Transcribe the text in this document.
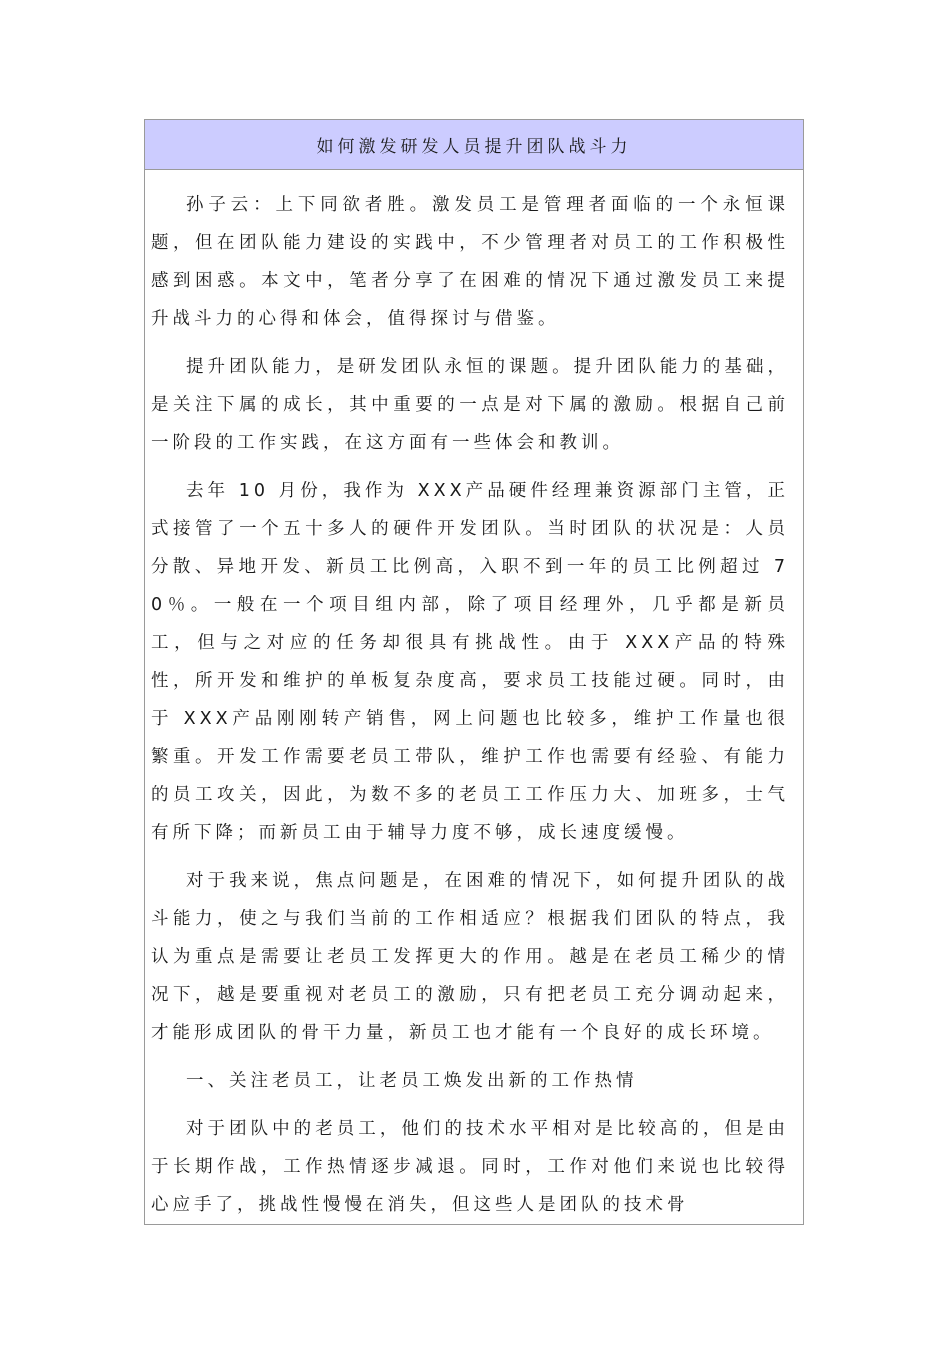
如何激发研发人员提升团队战斗力

孙子云：上下同欲者胜。激发员工是管理者面临的一个永恒课题，但在团队能力建设的实践中，不少管理者对员工的工作积极性感到困惑。本文中，笔者分享了在困难的情况下通过激发员工来提升战斗力的心得和体会，值得探讨与借鉴。

提升团队能力，是研发团队永恒的课题。提升团队能力的基础，是关注下属的成长，其中重要的一点是对下属的激励。根据自己前一阶段的工作实践，在这方面有一些体会和教训。

去年 10 月份，我作为 XXX产品硬件经理兼资源部门主管，正式接管了一个五十多人的硬件开发团队。当时团队的状况是：人员分散、异地开发、新员工比例高，入职不到一年的员工比例超过 70％。一般在一个项目组内部，除了项目经理外，几乎都是新员工，但与之对应的任务却很具有挑战性。由于 XXX产品的特殊性，所开发和维护的单板复杂度高，要求员工技能过硬。同时，由于 XXX产品刚刚转产销售，网上问题也比较多，维护工作量也很繁重。开发工作需要老员工带队，维护工作也需要有经验、有能力的员工攻关，因此，为数不多的老员工工作压力大、加班多，士气有所下降；而新员工由于辅导力度不够，成长速度缓慢。

对于我来说，焦点问题是，在困难的情况下，如何提升团队的战斗能力，使之与我们当前的工作相适应？根据我们团队的特点，我认为重点是需要让老员工发挥更大的作用。越是在老员工稀少的情况下，越是要重视对老员工的激励，只有把老员工充分调动起来，才能形成团队的骨干力量，新员工也才能有一个良好的成长环境。

一、关注老员工，让老员工焕发出新的工作热情

对于团队中的老员工，他们的技术水平相对是比较高的，但是由于长期作战，工作热情逐步减退。同时，工作对他们来说也比较得心应手了，挑战性慢慢在消失，但这些人是团队的技术骨
